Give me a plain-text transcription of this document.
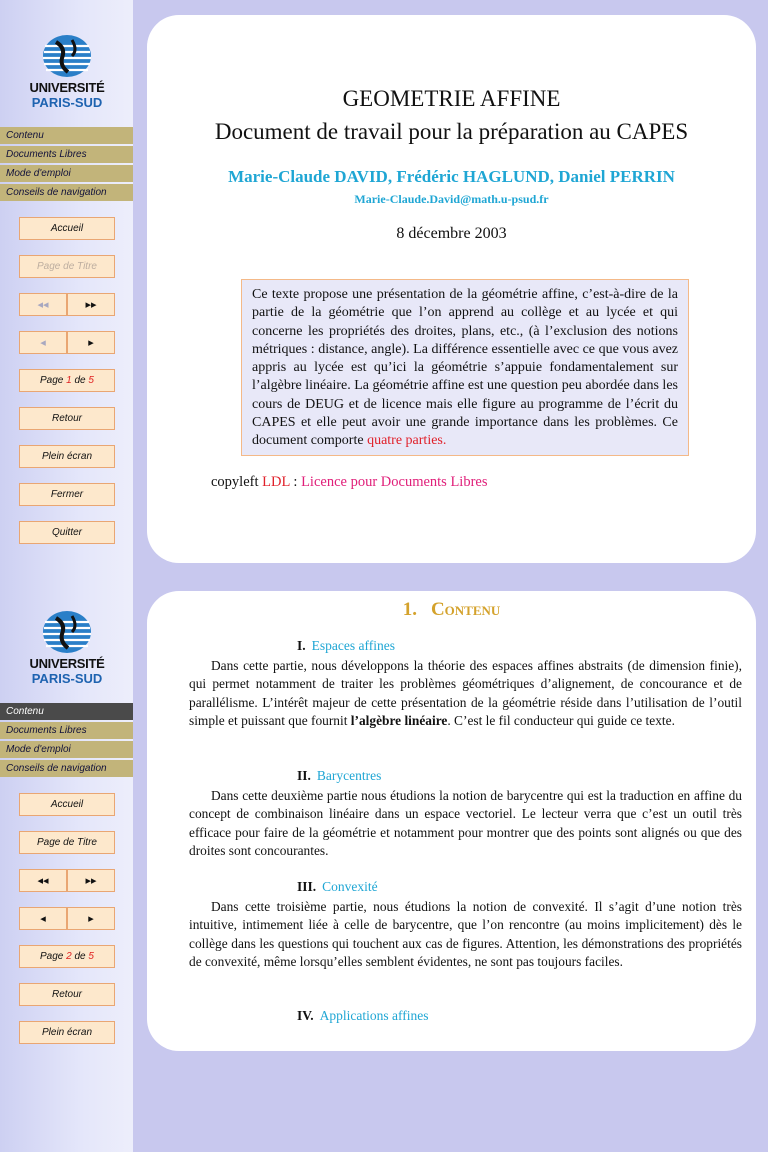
UNIVERSITÉ
PARIS-SUD
Contenu
Documents Libres
Mode d'emploi
Conseils de navigation
Accueil
Page de Titre
◂◂	▸▸
◂	▸
Page 1 de 5
Retour
Plein écran
Fermer
Quitter
GEOMETRIE AFFINE
Document de travail pour la préparation au CAPES
Marie-Claude DAVID, Frédéric HAGLUND, Daniel PERRIN
Marie-Claude.David@math.u-psud.fr
8 décembre 2003
Ce texte propose une présentation de la géométrie affine, c’est-à-dire de la partie de la géométrie que l’on apprend au collège et au lycée et qui concerne les propriétés des droites, plans, etc., (à l’exclusion des notions métriques : distance, angle). La différence essentielle avec ce que vous avez appris au lycée est qu’ici la géométrie s’appuie fondamentalement sur l’algèbre linéaire. La géométrie affine est une question peu abordée dans les cours de DEUG et de licence mais elle figure au programme de l’écrit du CAPES et elle peut avoir une grande importance dans les problèmes. Ce document comporte quatre parties.
copyleft LDL : Licence pour Documents Libres
UNIVERSITÉ
PARIS-SUD
Contenu
Documents Libres
Mode d'emploi
Conseils de navigation
Accueil
Page de Titre
◂◂	▸▸
◂	▸
Page 2 de 5
Retour
Plein écran
1. Contenu
I. Espaces affines
Dans cette partie, nous développons la théorie des espaces affines abstraits (de dimension finie), qui permet notamment de traiter les problèmes géométriques d’alignement, de concourance et de parallélisme. L’intérêt majeur de cette présentation de la géométrie réside dans l’utilisation de l’outil simple et puissant que fournit l’algèbre linéaire. C’est le fil conducteur qui guide ce texte.
II. Barycentres
Dans cette deuxième partie nous étudions la notion de barycentre qui est la traduction en affine du concept de combinaison linéaire dans un espace vectoriel. Le lecteur verra que c’est un outil très efficace pour faire de la géométrie et notamment pour montrer que des points sont alignés ou que des droites sont concourantes.
III. Convexité
Dans cette troisième partie, nous étudions la notion de convexité. Il s’agit d’une notion très intuitive, intimement liée à celle de barycentre, que l’on rencontre (au moins implicitement) dès le collège dans les questions qui touchent aux cas de figures. Attention, les démonstrations des propriétés de convexité, même lorsqu’elles semblent évidentes, ne sont pas toujours faciles.
IV. Applications affines
